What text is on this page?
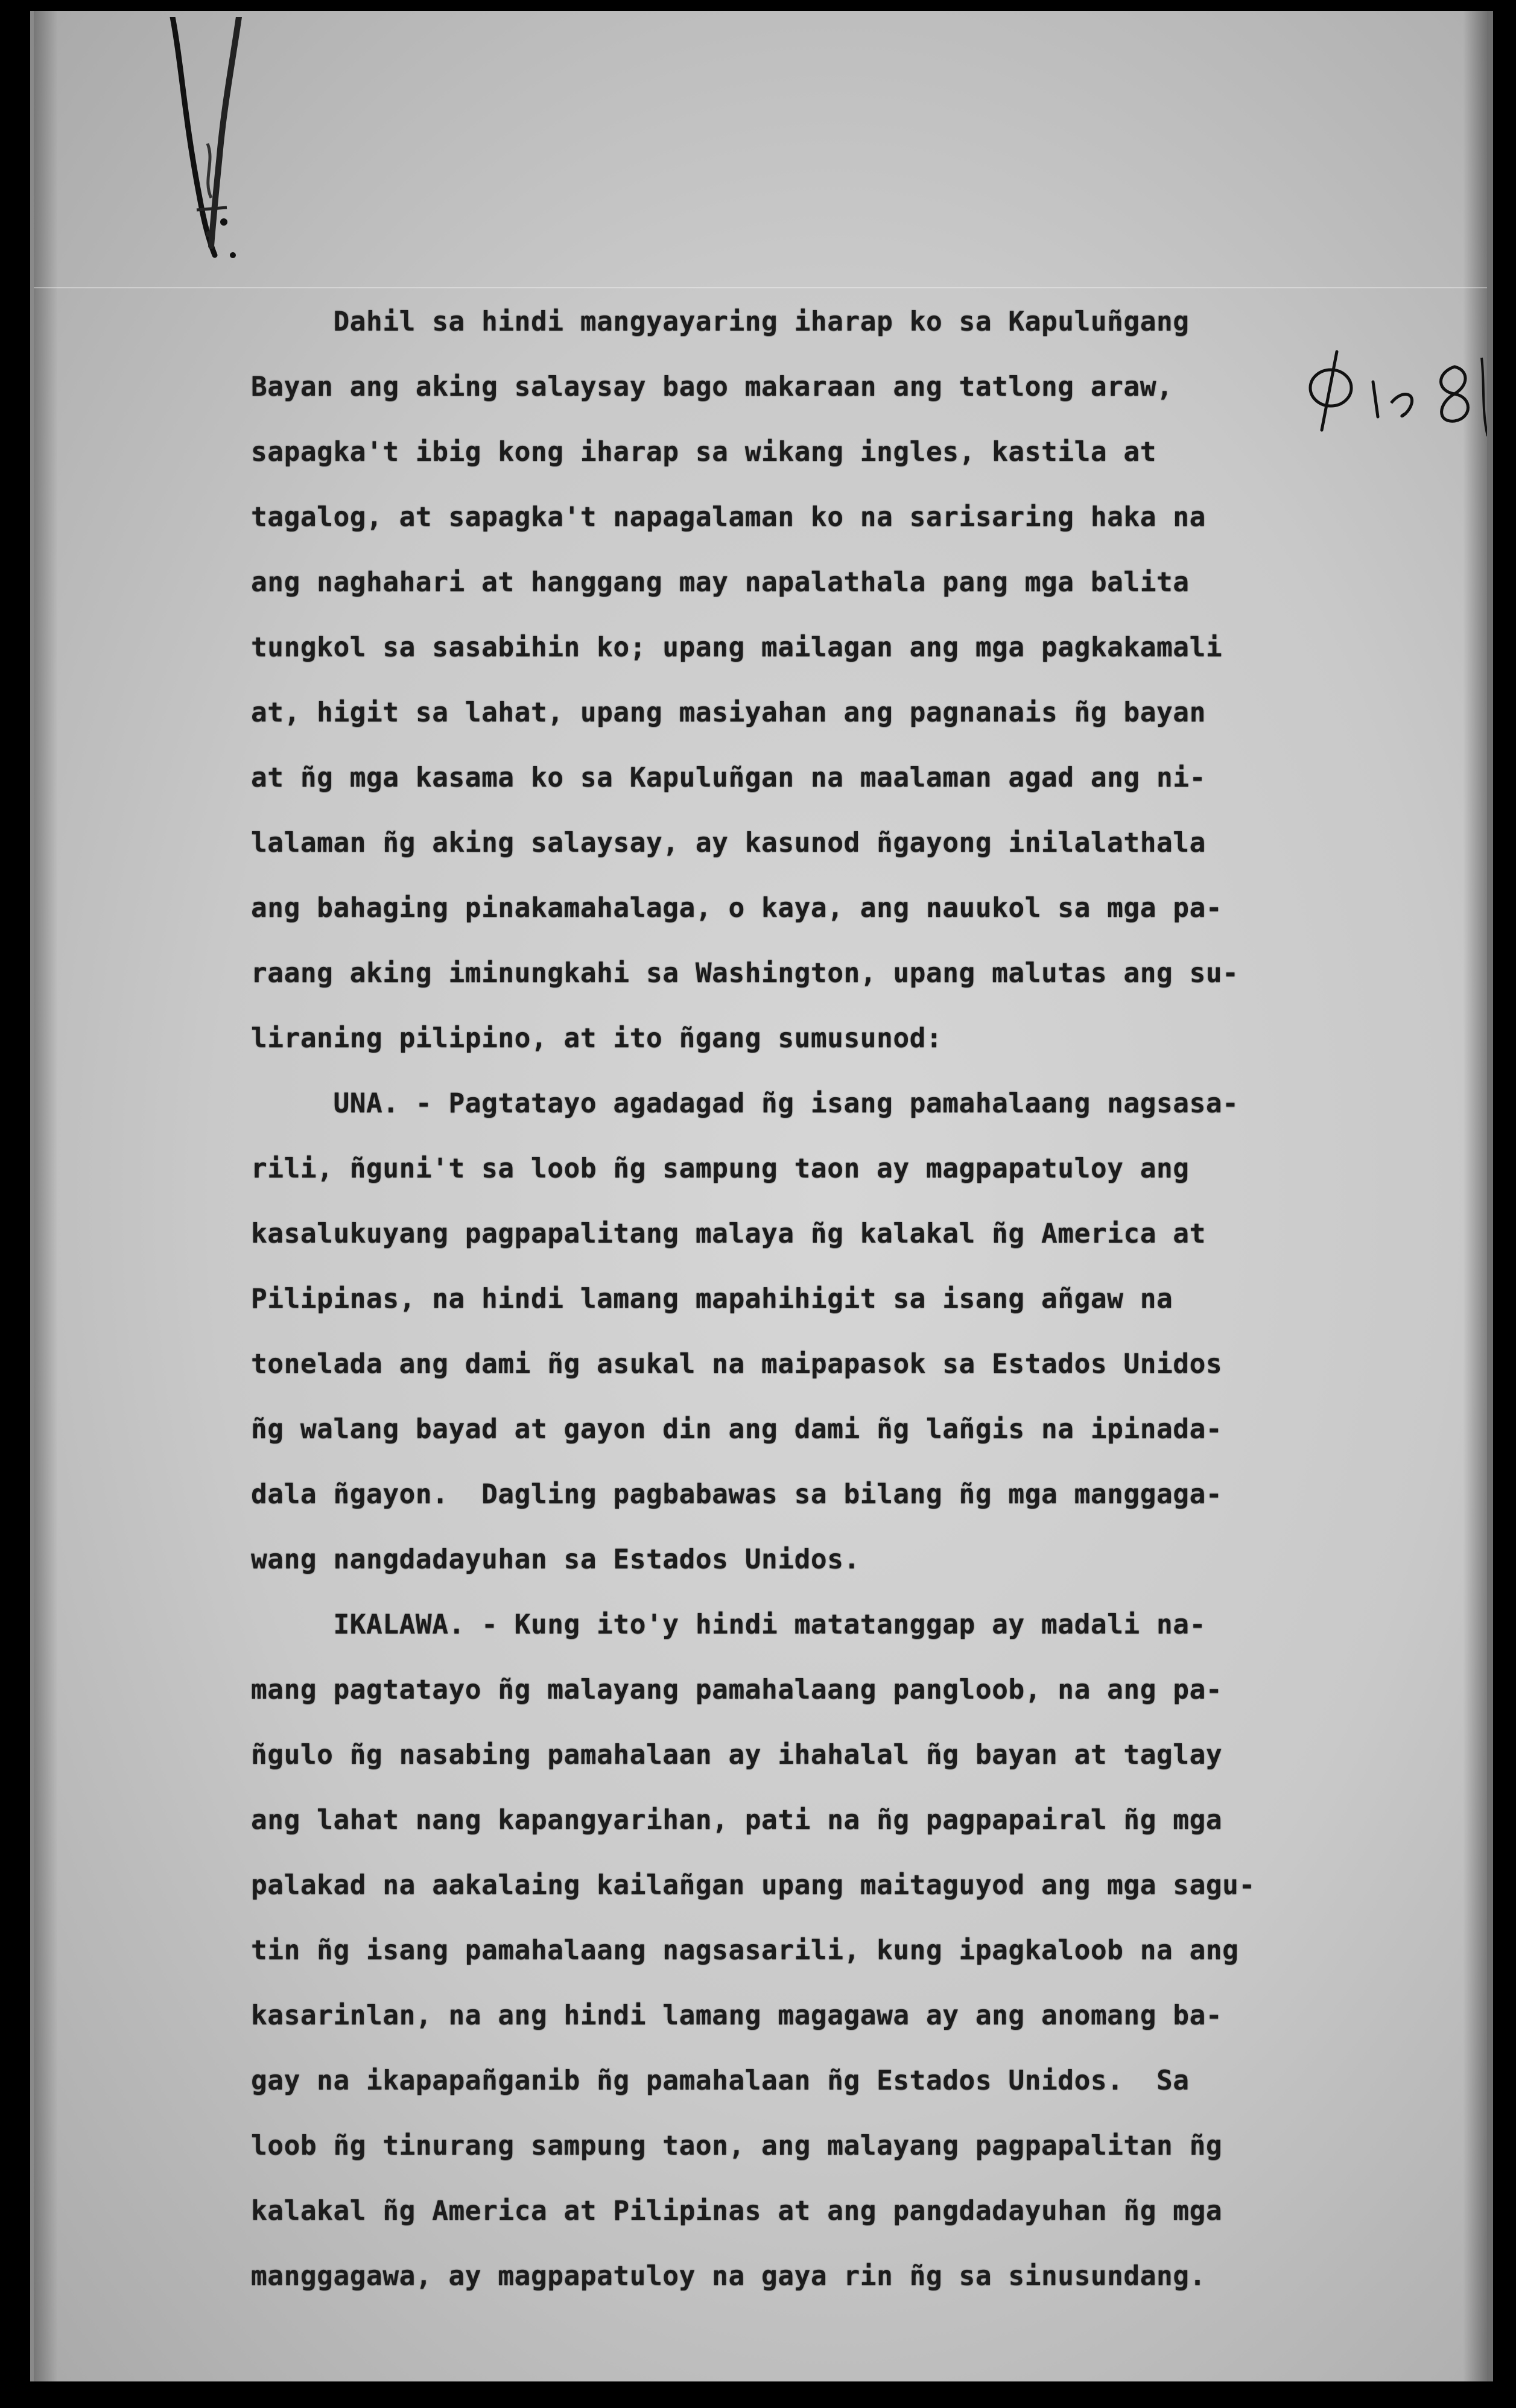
Dahil sa hindi mangyayaring iharap ko sa Kapuluñgang
Bayan ang aking salaysay bago makaraan ang tatlong araw,
sapagka't ibig kong iharap sa wikang ingles, kastila at
tagalog, at sapagka't napagalaman ko na sarisaring haka na
ang naghahari at hanggang may napalathala pang mga balita
tungkol sa sasabihin ko; upang mailagan ang mga pagkakamali
at, higit sa lahat, upang masiyahan ang pagnanais ñg bayan
at ñg mga kasama ko sa Kapuluñgan na maalaman agad ang ni-
lalaman ñg aking salaysay, ay kasunod ñgayong inilalathala
ang bahaging pinakamahalaga, o kaya, ang nauukol sa mga pa-
raang aking iminungkahi sa Washington, upang malutas ang su-
liraning pilipino, at ito ñgang sumusunod:
UNA. - Pagtatayo agadagad ñg isang pamahalaang nagsasa-
rili, ñguni't sa loob ñg sampung taon ay magpapatuloy ang
kasalukuyang pagpapalitang malaya ñg kalakal ñg America at
Pilipinas, na hindi lamang mapahihigit sa isang añgaw na
tonelada ang dami ñg asukal na maipapasok sa Estados Unidos
ñg walang bayad at gayon din ang dami ñg lañgis na ipinada-
dala ñgayon.  Dagling pagbabawas sa bilang ñg mga manggaga-
wang nangdadayuhan sa Estados Unidos.
IKALAWA. - Kung ito'y hindi matatanggap ay madali na-
mang pagtatayo ñg malayang pamahalaang pangloob, na ang pa-
ñgulo ñg nasabing pamahalaan ay ihahalal ñg bayan at taglay
ang lahat nang kapangyarihan, pati na ñg pagpapairal ñg mga
palakad na aakalaing kailañgan upang maitaguyod ang mga sagu-
tin ñg isang pamahalaang nagsasarili, kung ipagkaloob na ang
kasarinlan, na ang hindi lamang magagawa ay ang anomang ba-
gay na ikapapañganib ñg pamahalaan ñg Estados Unidos.  Sa
loob ñg tinurang sampung taon, ang malayang pagpapalitan ñg
kalakal ñg America at Pilipinas at ang pangdadayuhan ñg mga
manggagawa, ay magpapatuloy na gaya rin ñg sa sinusundang.
